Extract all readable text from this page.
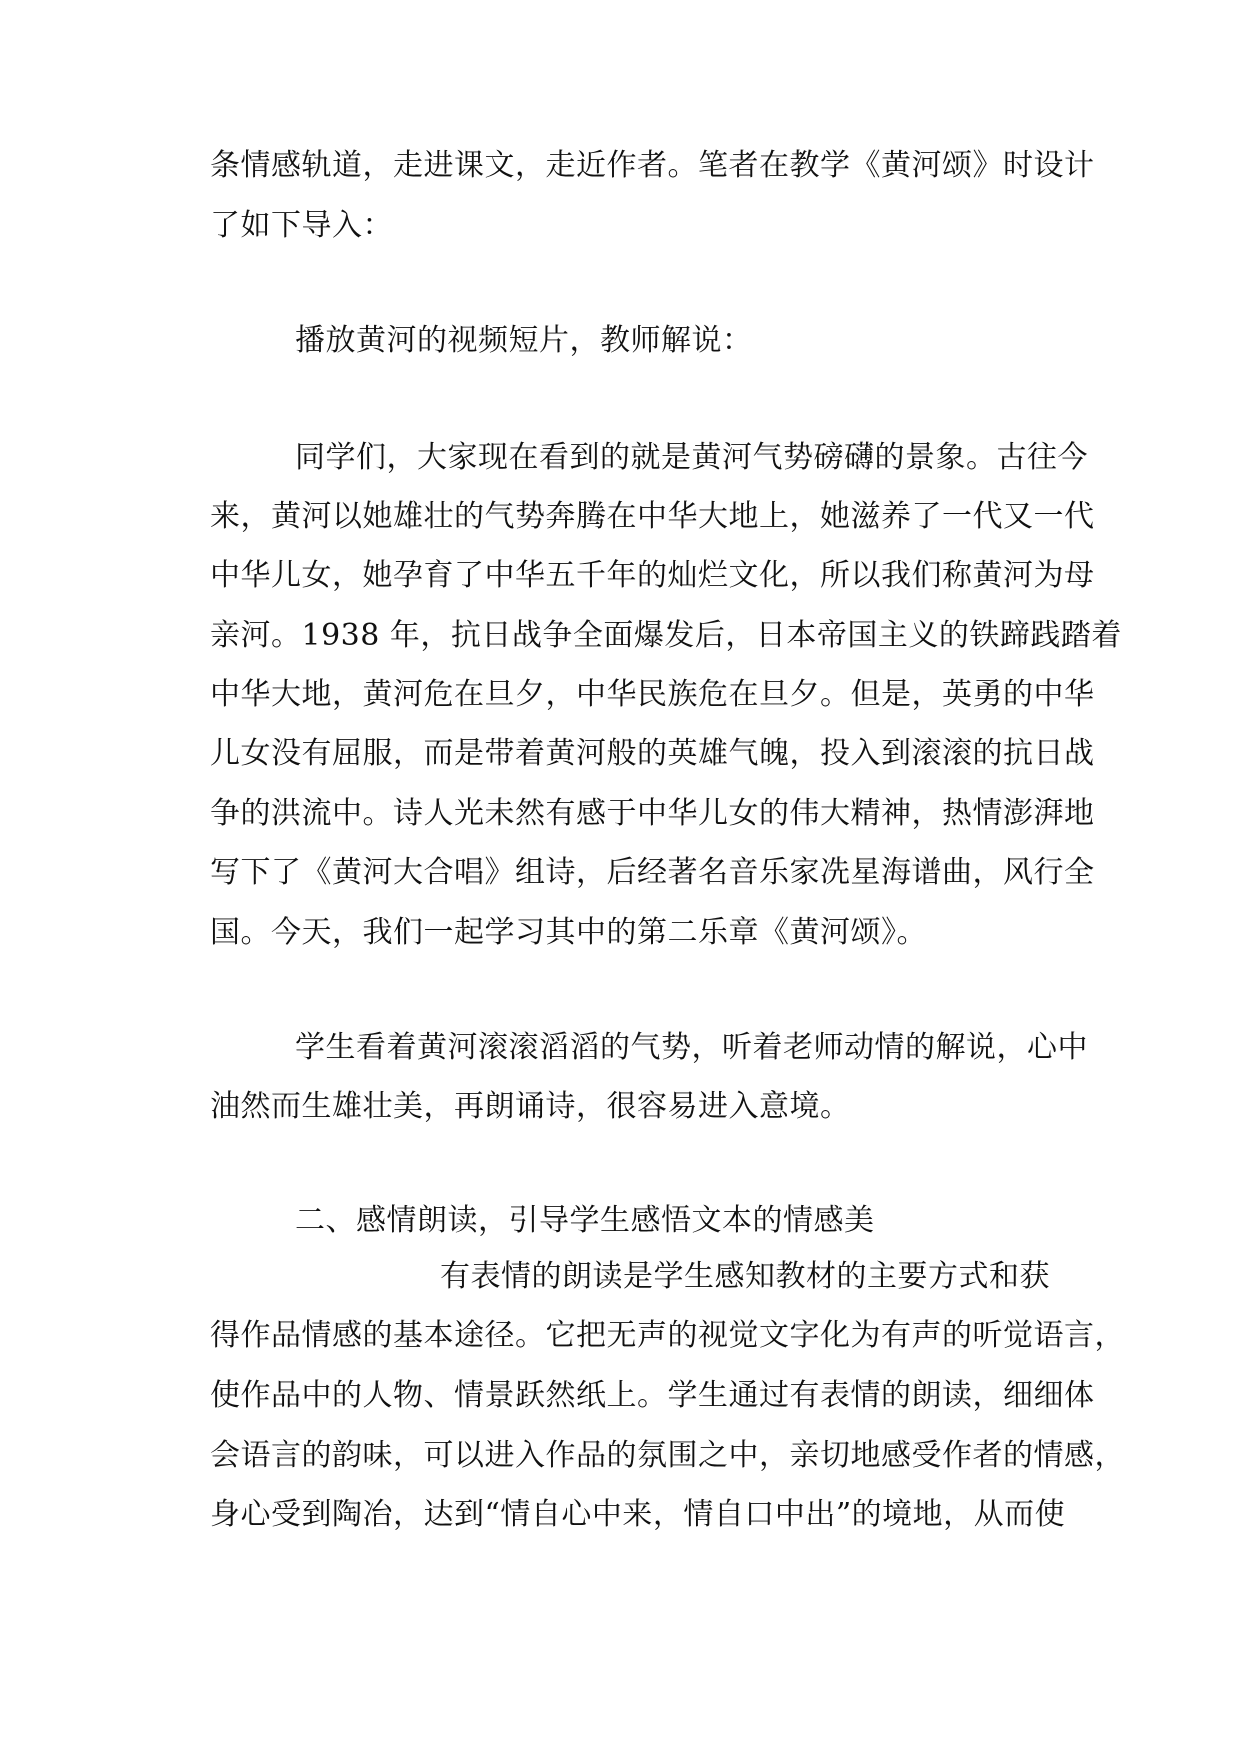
条情感轨道，走进课文，走近作者。笔者在教学《黄河颂》时设计
了如下导入：
播放黄河的视频短片，教师解说：
同学们，大家现在看到的就是黄河气势磅礴的景象。古往今
来，黄河以她雄壮的气势奔腾在中华大地上，她滋养了一代又一代
中华儿女，她孕育了中华五千年的灿烂文化，所以我们称黄河为母
亲河。1938 年，抗日战争全面爆发后，日本帝国主义的铁蹄践踏着
中华大地，黄河危在旦夕，中华民族危在旦夕。但是，英勇的中华
儿女没有屈服，而是带着黄河般的英雄气魄，投入到滚滚的抗日战
争的洪流中。诗人光未然有感于中华儿女的伟大精神，热情澎湃地
写下了《黄河大合唱》组诗，后经著名音乐家冼星海谱曲，风行全
国。今天，我们一起学习其中的第二乐章《黄河颂》。
学生看着黄河滚滚滔滔的气势，听着老师动情的解说，心中
油然而生雄壮美，再朗诵诗，很容易进入意境。
二、感情朗读，引导学生感悟文本的情感美
有表情的朗读是学生感知教材的主要方式和获
得作品情感的基本途径。它把无声的视觉文字化为有声的听觉语言，
使作品中的人物、情景跃然纸上。学生通过有表情的朗读，细细体
会语言的韵味，可以进入作品的氛围之中，亲切地感受作者的情感，
身心受到陶冶，达到“情自心中来，情自口中出”的境地，从而使
